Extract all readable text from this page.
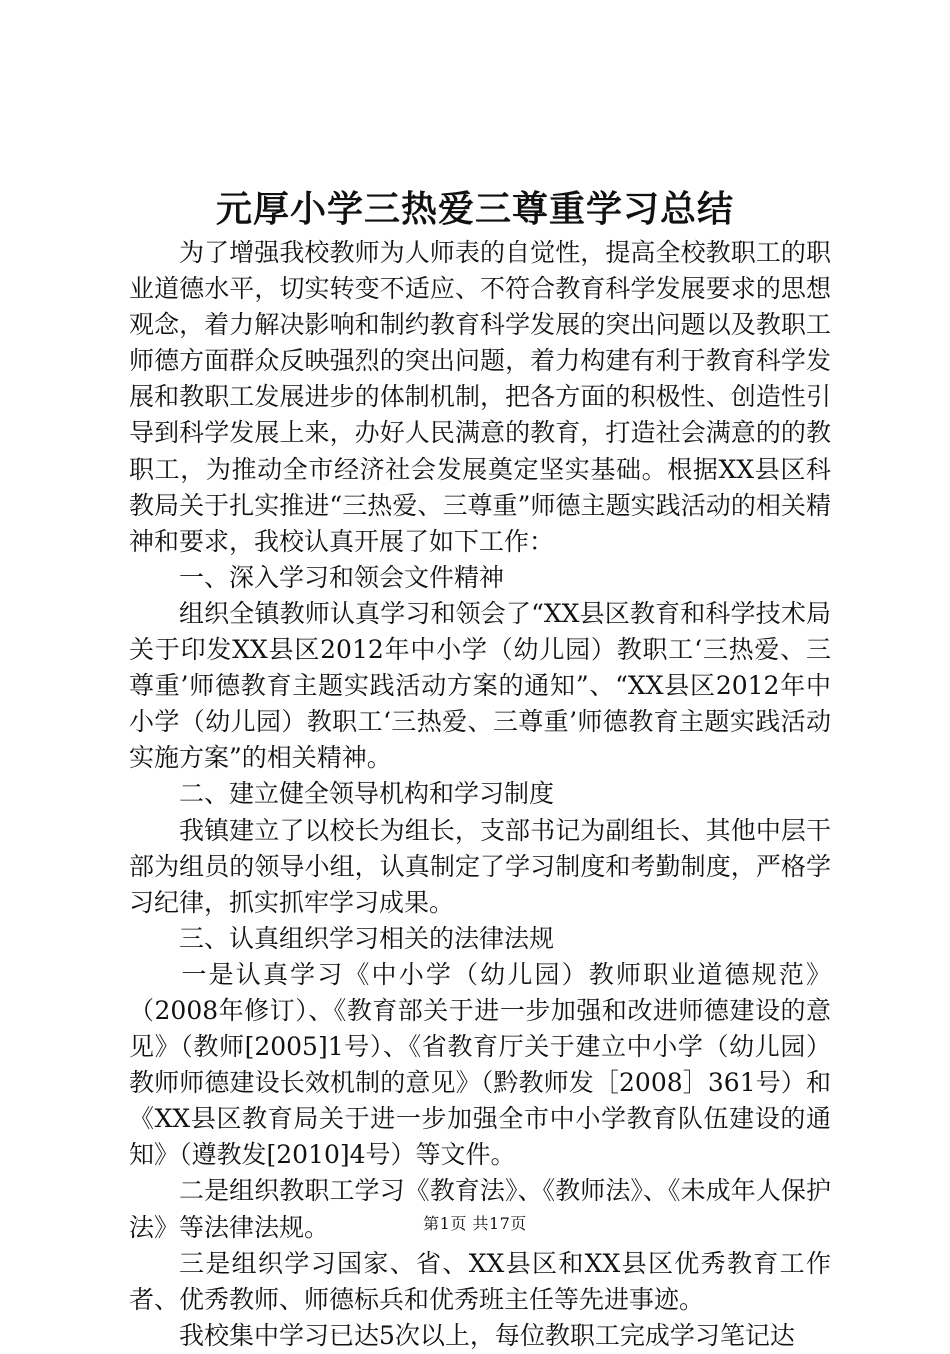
元厚小学三热爱三尊重学习总结

为了增强我校教师为人师表的自觉性，提高全校教职工的职业道德水平，切实转变不适应、不符合教育科学发展要求的思想观念，着力解决影响和制约教育科学发展的突出问题以及教职工师德方面群众反映强烈的突出问题，着力构建有利于教育科学发展和教职工发展进步的体制机制，把各方面的积极性、创造性引导到科学发展上来，办好人民满意的教育，打造社会满意的的教职工，为推动全市经济社会发展奠定坚实基础。根据XX县区科教局关于扎实推进“三热爱、三尊重”师德主题实践活动的相关精神和要求，我校认真开展了如下工作：

一、深入学习和领会文件精神

组织全镇教师认真学习和领会了“XX县区教育和科学技术局关于印发XX县区2012年中小学（幼儿园）教职工‘三热爱、三尊重’师德教育主题实践活动方案的通知”、“XX县区2012年中小学（幼儿园）教职工‘三热爱、三尊重’师德教育主题实践活动实施方案”的相关精神。

二、建立健全领导机构和学习制度

我镇建立了以校长为组长，支部书记为副组长、其他中层干部为组员的领导小组，认真制定了学习制度和考勤制度，严格学习纪律，抓实抓牢学习成果。

三、认真组织学习相关的法律法规

一是认真学习《中小学（幼儿园）教师职业道德规范》（2008年修订）、《教育部关于进一步加强和改进师德建设的意见》（教师[2005]1号）、《省教育厅关于建立中小学（幼儿园）教师师德建设长效机制的意见》（黔教师发［2008］361号）和《XX县区教育局关于进一步加强全市中小学教育队伍建设的通知》（遵教发[2010]4号）等文件。

二是组织教职工学习《教育法》、《教师法》、《未成年人保护法》等法律法规。

三是组织学习国家、省、XX县区和XX县区优秀教育工作者、优秀教师、师德标兵和优秀班主任等先进事迹。

我校集中学习已达5次以上，每位教职工完成学习笔记达

第1页 共17页
